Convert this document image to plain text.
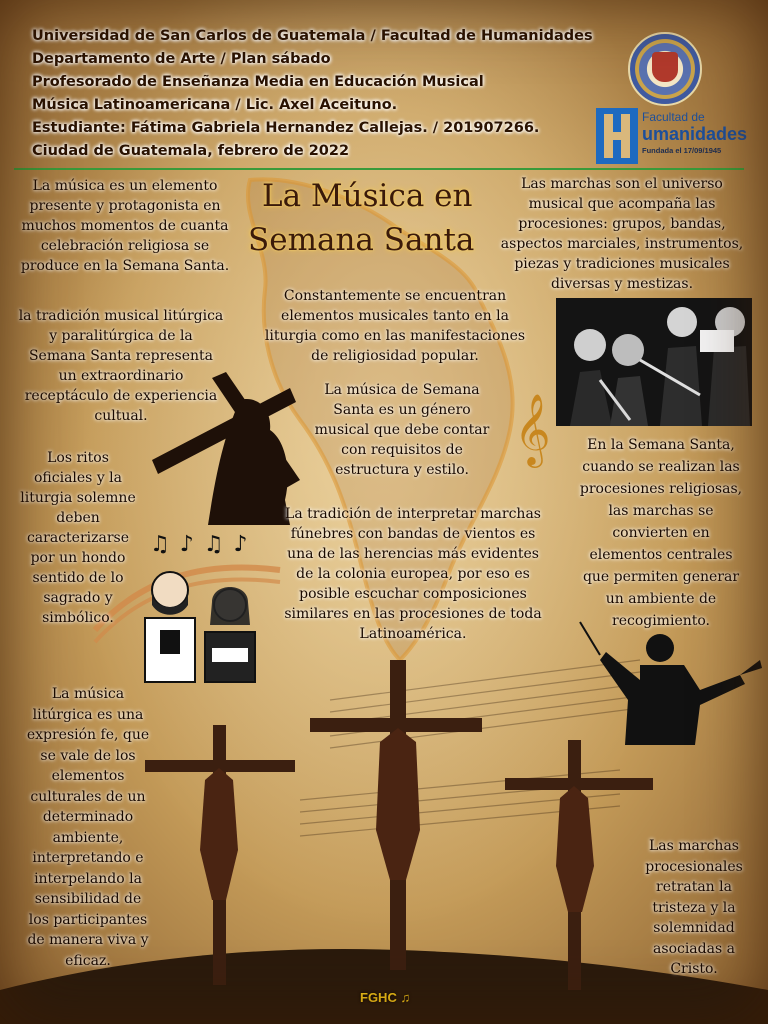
Universidad de San Carlos de Guatemala / Facultad de Humanidades
Departamento de Arte / Plan sábado
Profesorado de Enseñanza Media en Educación Musical
Música Latinoamericana / Lic. Axel Aceituno.
Estudiante: Fátima Gabriela Hernandez Callejas. / 201907266.
Ciudad de Guatemala, febrero de 2022
Facultad de
umanidades
Fundada el 17/09/1945
La Música en
Semana Santa
La música es un elemento
presente y protagonista en
muchos momentos de cuanta
celebración religiosa se
produce en la Semana Santa.
la tradición musical litúrgica
y paralitúrgica de la
Semana Santa representa
un extraordinario
receptáculo de experiencia
cultual.
Los ritos
oficiales y la
liturgia solemne
deben
caracterizarse
por un hondo
sentido de lo
sagrado y
simbólico.
La música
litúrgica es una
expresión fe, que
se vale de los
elementos
culturales de un
determinado
ambiente,
interpretando e
interpelando la
sensibilidad de
los participantes
de manera viva y
eficaz.
Constantemente se encuentran
elementos musicales tanto en la
liturgia como en las manifestaciones
de religiosidad popular.
La música de Semana
Santa es un género
musical que debe contar
con requisitos de
estructura y estilo.
La tradición de interpretar marchas
fúnebres con bandas de vientos es
una de las herencias más evidentes
de la colonia europea, por eso es
posible escuchar composiciones
similares en las procesiones de toda
Latinoamérica.
Las marchas son el universo
musical que acompaña las
procesiones: grupos, bandas,
aspectos marciales, instrumentos,
piezas y tradiciones musicales
diversas y mestizas.
En la Semana Santa,
cuando se realizan las
procesiones religiosas,
las marchas se
convierten en
elementos centrales
que permiten generar
un ambiente de
recogimiento.
Las marchas
procesionales
retratan la
tristeza y la
solemnidad
asociadas a
Cristo.
𝄞
♫♪♫♪
FGHC ♫
